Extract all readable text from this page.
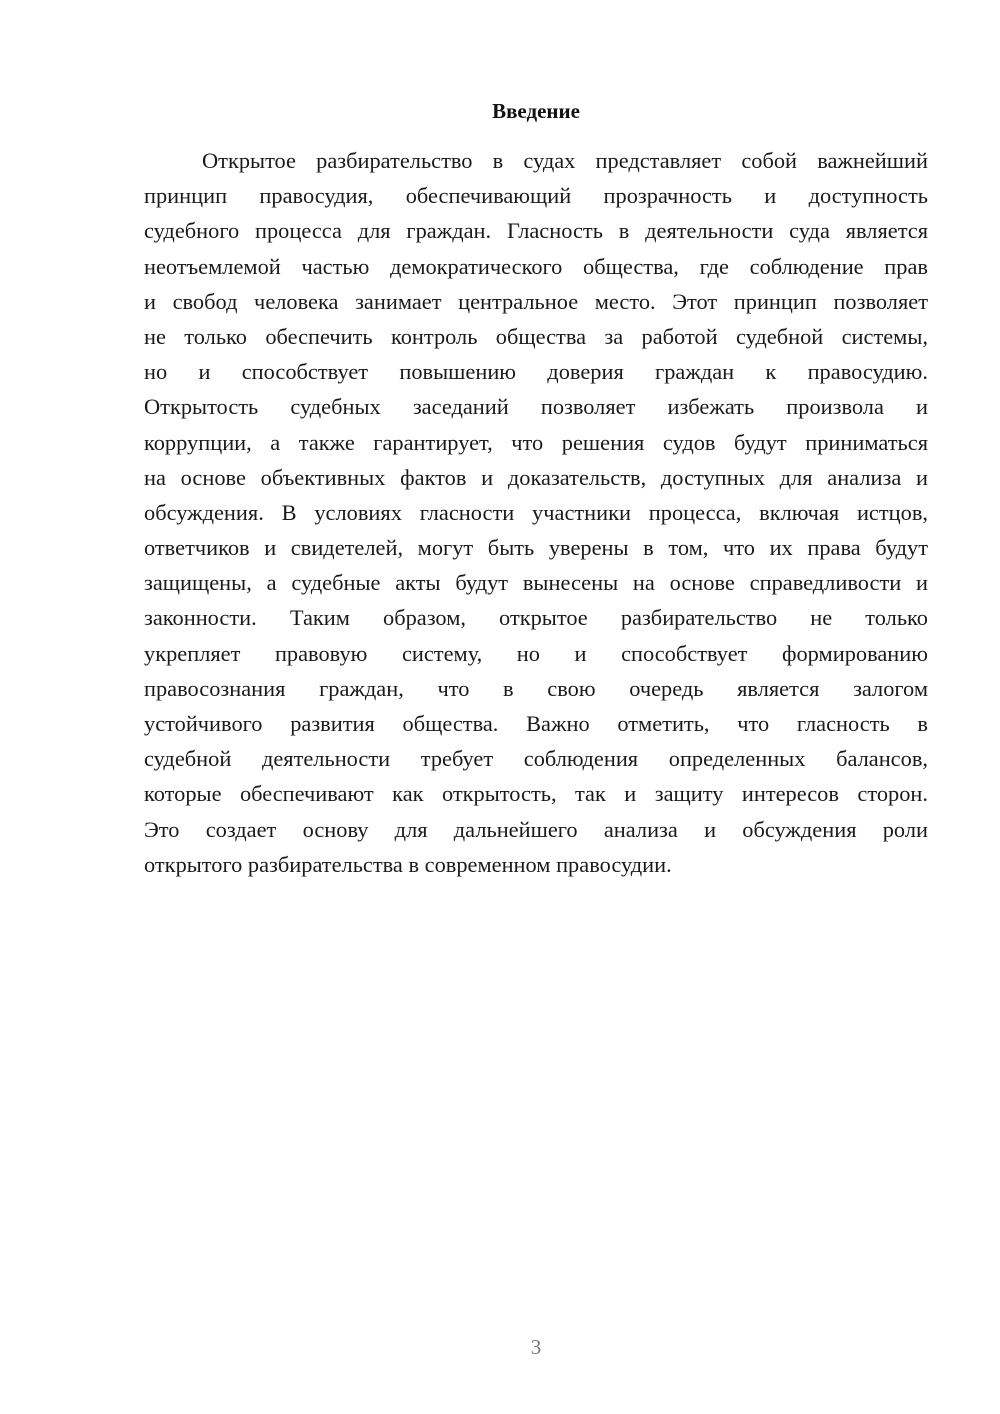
Введение
Открытое разбирательство в судах представляет собой важнейший
принцип правосудия, обеспечивающий прозрачность и доступность
судебного процесса для граждан. Гласность в деятельности суда является
неотъемлемой частью демократического общества, где соблюдение прав
и свобод человека занимает центральное место. Этот принцип позволяет
не только обеспечить контроль общества за работой судебной системы,
но и способствует повышению доверия граждан к правосудию.
Открытость судебных заседаний позволяет избежать произвола и
коррупции, а также гарантирует, что решения судов будут приниматься
на основе объективных фактов и доказательств, доступных для анализа и
обсуждения. В условиях гласности участники процесса, включая истцов,
ответчиков и свидетелей, могут быть уверены в том, что их права будут
защищены, а судебные акты будут вынесены на основе справедливости и
законности. Таким образом, открытое разбирательство не только
укрепляет правовую систему, но и способствует формированию
правосознания граждан, что в свою очередь является залогом
устойчивого развития общества. Важно отметить, что гласность в
судебной деятельности требует соблюдения определенных балансов,
которые обеспечивают как открытость, так и защиту интересов сторон.
Это создает основу для дальнейшего анализа и обсуждения роли
открытого разбирательства в современном правосудии.
3
